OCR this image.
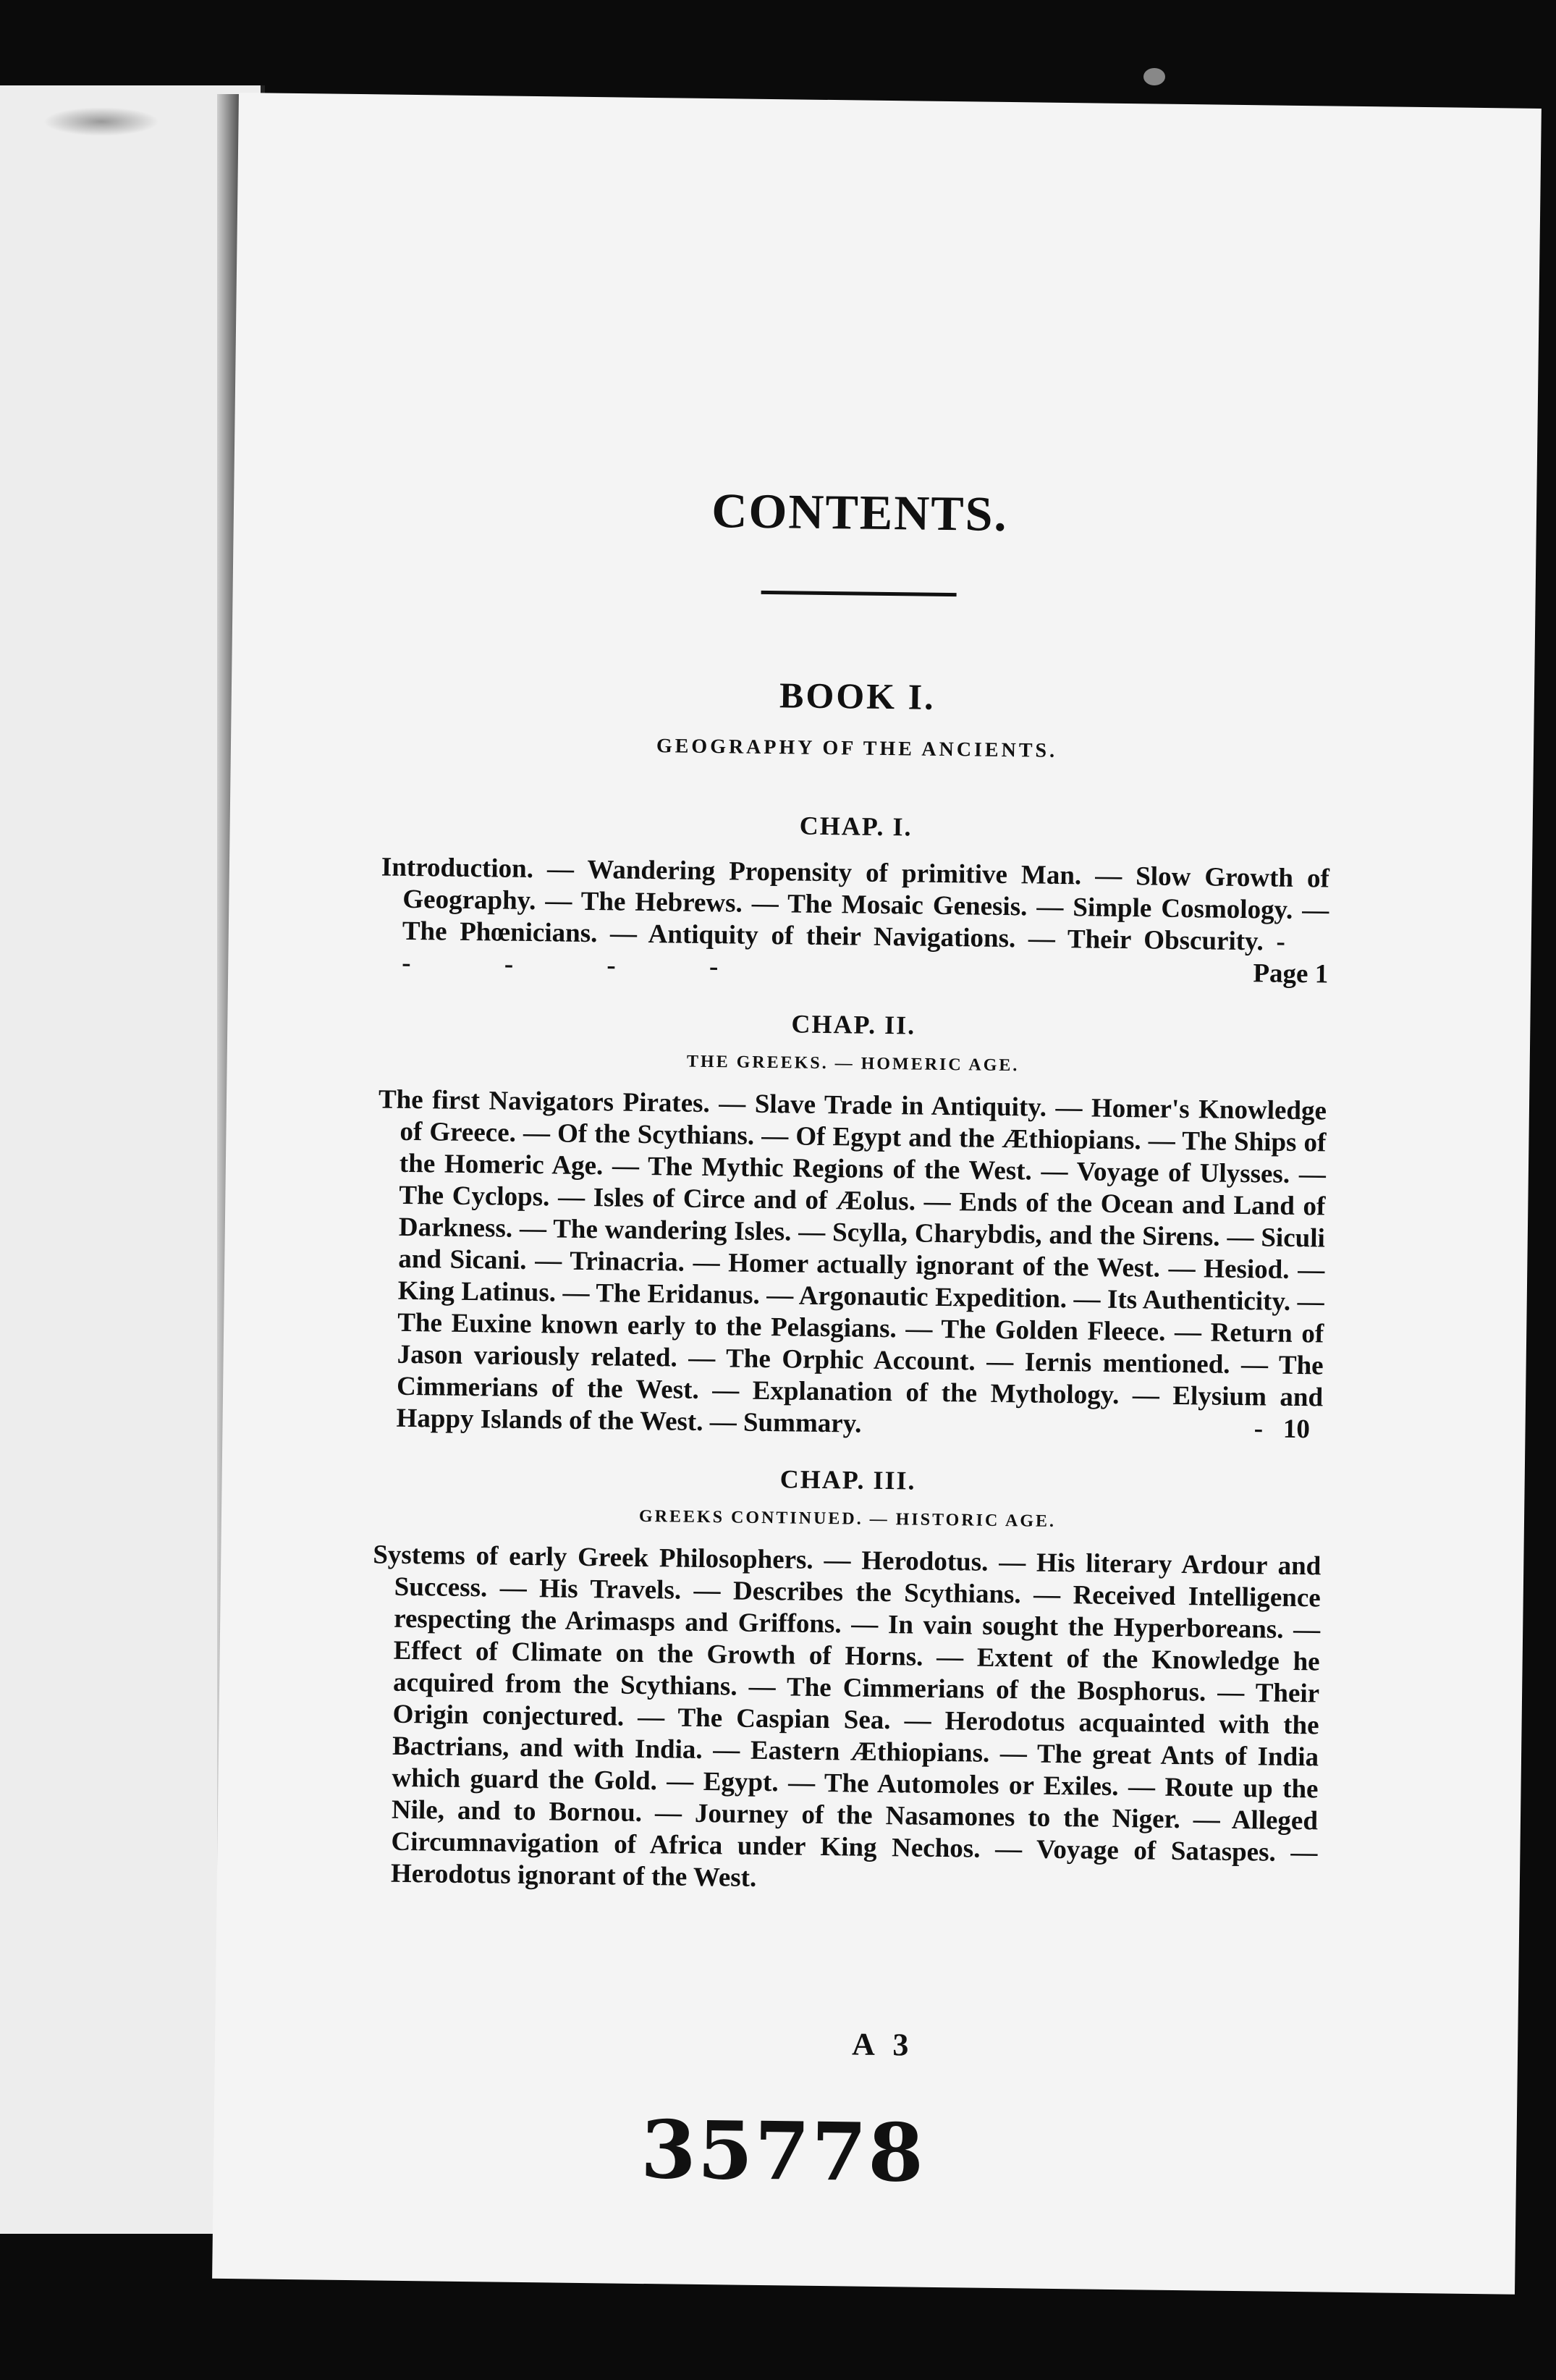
CONTENTS.
BOOK I.
GEOGRAPHY OF THE ANCIENTS.
CHAP. I.
Introduction. — Wandering Propensity of primitive Man. — Slow Growth of Geography. — The Hebrews. — The Mosaic Genesis. — Simple Cosmology. — The Phœnicians. — Antiquity of their Navigations. — Their Obscurity. - - - - -	Page 1
CHAP. II.
THE GREEKS. — HOMERIC AGE.
The first Navigators Pirates. — Slave Trade in Antiquity. — Homer's Knowledge of Greece. — Of the Scythians. — Of Egypt and the Æthiopians. — The Ships of the Homeric Age. — The Mythic Regions of the West. — Voyage of Ulysses. — The Cyclops. — Isles of Circe and of Æolus. — Ends of the Ocean and Land of Darkness. — The wandering Isles. — Scylla, Charybdis, and the Sirens. — Siculi and Sicani. — Trinacria. — Homer actually ignorant of the West. — Hesiod. — King Latinus. — The Eridanus. — Argonautic Expedition. — Its Authenticity. — The Euxine known early to the Pelasgians. — The Golden Fleece. — Return of Jason variously related. — The Orphic Account. — Iernis mentioned. — The Cimmerians of the West. — Explanation of the Mythology. — Elysium and Happy Islands of the West. — Summary.	- 10
CHAP. III.
GREEKS CONTINUED. — HISTORIC AGE.
Systems of early Greek Philosophers. — Herodotus. — His literary Ardour and Success. — His Travels. — Describes the Scythians. — Received Intelligence respecting the Arimasps and Griffons. — In vain sought the Hyperboreans. — Effect of Climate on the Growth of Horns. — Extent of the Knowledge he acquired from the Scythians. — The Cimmerians of the Bosphorus. — Their Origin conjectured. — The Caspian Sea. — Herodotus acquainted with the Bactrians, and with India. — Eastern Æthiopians. — The great Ants of India which guard the Gold. — Egypt. — The Automoles or Exiles. — Route up the Nile, and to Bornou. — Journey of the Nasamones to the Niger. — Alleged Circumnavigation of Africa under King Nechos. — Voyage of Sataspes. — Herodotus ignorant of the West.
A 3
35778
